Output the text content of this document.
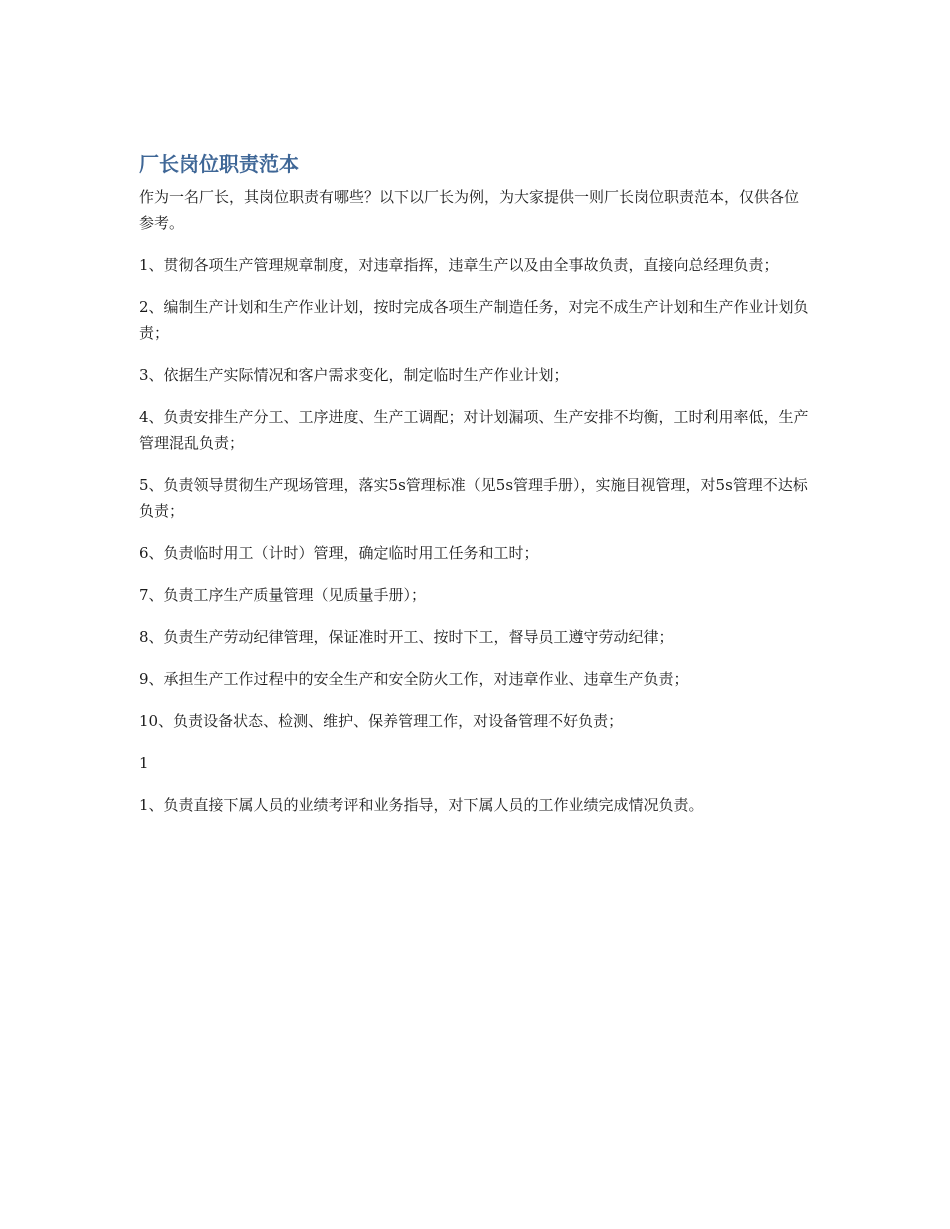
厂长岗位职责范本

作为一名厂长，其岗位职责有哪些？以下以厂长为例，为大家提供一则厂长岗位职责范本，仅供各位参考。

1、贯彻各项生产管理规章制度，对违章指挥，违章生产以及由全事故负责，直接向总经理负责；

2、编制生产计划和生产作业计划，按时完成各项生产制造任务，对完不成生产计划和生产作业计划负责；

3、依据生产实际情况和客户需求变化，制定临时生产作业计划；

4、负责安排生产分工、工序进度、生产工调配；对计划漏项、生产安排不均衡，工时利用率低，生产管理混乱负责；

5、负责领导贯彻生产现场管理，落实5s管理标准（见5s管理手册），实施目视管理，对5s管理不达标负责；

6、负责临时用工（计时）管理，确定临时用工任务和工时；

7、负责工序生产质量管理（见质量手册）；

8、负责生产劳动纪律管理，保证准时开工、按时下工，督导员工遵守劳动纪律；

9、承担生产工作过程中的安全生产和安全防火工作，对违章作业、违章生产负责；

10、负责设备状态、检测、维护、保养管理工作，对设备管理不好负责；

1

1、负责直接下属人员的业绩考评和业务指导，对下属人员的工作业绩完成情况负责。
